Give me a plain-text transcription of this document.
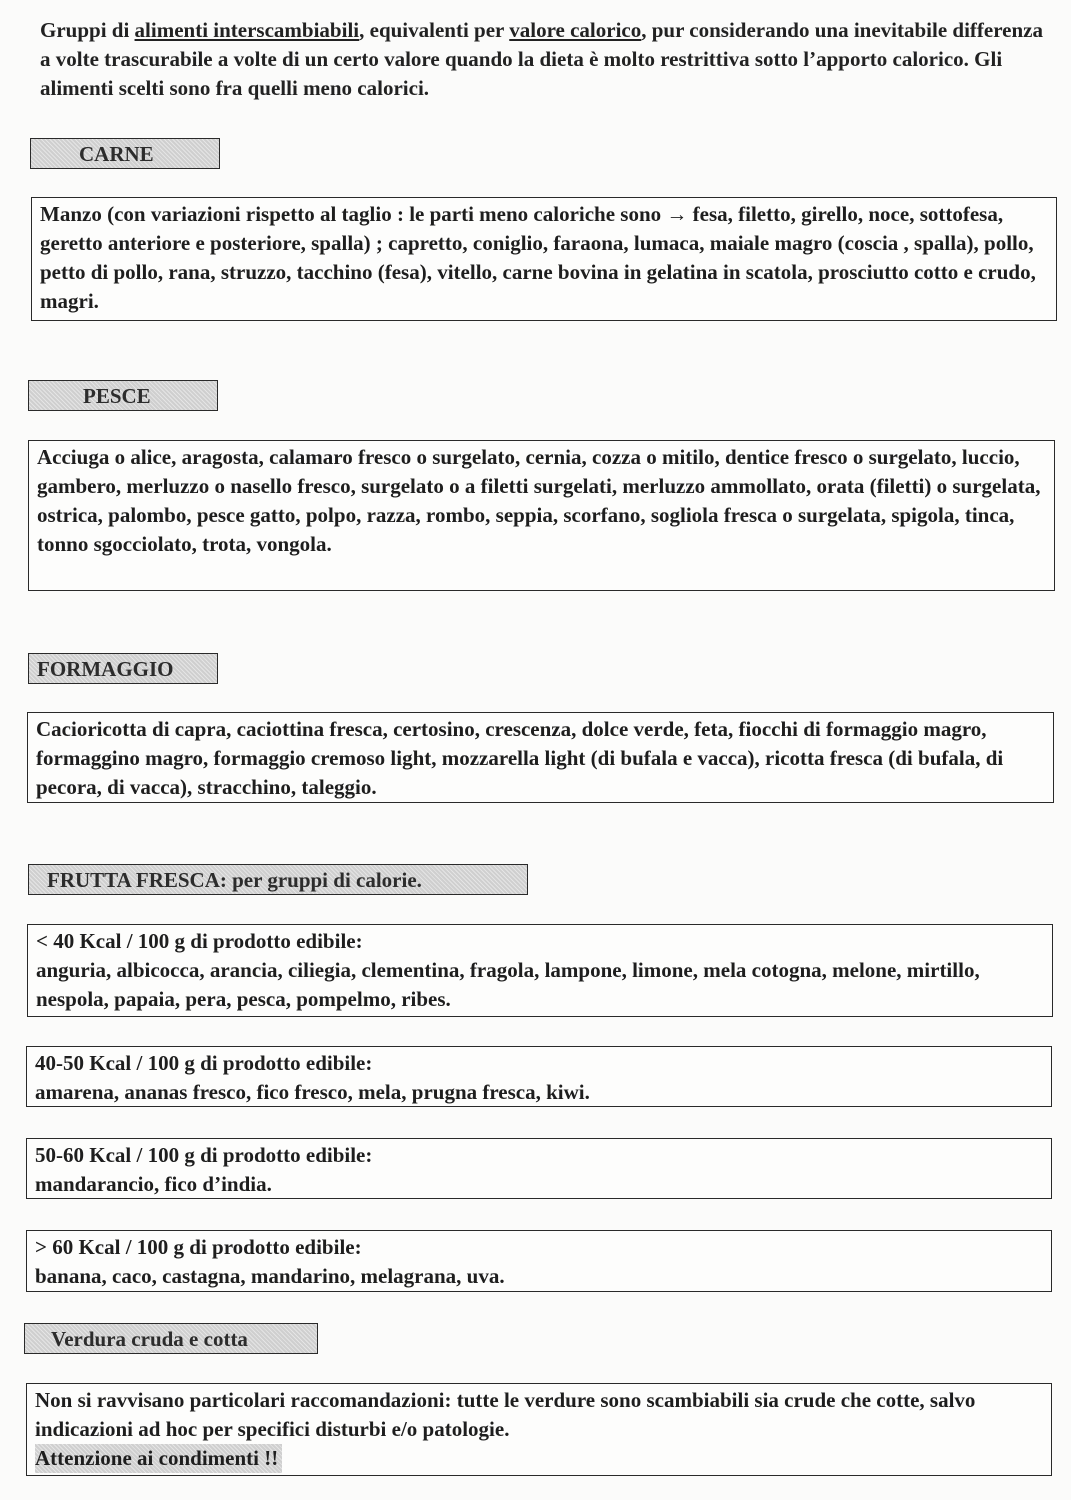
Gruppi di alimenti interscambiabili, equivalenti per valore calorico, pur considerando una inevitabile differenza a volte trascurabile a volte di un certo valore quando la dieta è molto restrittiva sotto l’apporto calorico. Gli alimenti scelti sono fra quelli meno calorici.
CARNE

Manzo (con variazioni rispetto al taglio : le parti meno caloriche sono → fesa, filetto, girello, noce, sottofesa, geretto anteriore e posteriore, spalla) ; capretto, coniglio, faraona, lumaca, maiale magro (coscia , spalla), pollo, petto di pollo, rana, struzzo, tacchino (fesa), vitello, carne bovina in gelatina in scatola, prosciutto cotto e crudo, magri.

PESCE

Acciuga o alice, aragosta, calamaro fresco o surgelato, cernia, cozza o mitilo, dentice fresco o surgelato, luccio, gambero, merluzzo o nasello fresco, surgelato o a filetti surgelati, merluzzo ammollato, orata (filetti) o surgelata, ostrica, palombo, pesce gatto, polpo, razza, rombo, seppia, scorfano, sogliola fresca o surgelata, spigola, tinca, tonno sgocciolato, trota, vongola.

FORMAGGIO

Cacioricotta di capra, caciottina fresca, certosino, crescenza, dolce verde, feta, fiocchi di formaggio magro, formaggino magro, formaggio cremoso light, mozzarella light (di bufala e vacca), ricotta fresca (di bufala, di pecora, di vacca), stracchino, taleggio.

FRUTTA FRESCA: per gruppi di calorie.

< 40 Kcal / 100 g di prodotto edibile:

anguria, albicocca, arancia, ciliegia, clementina, fragola, lampone, limone, mela cotogna, melone, mirtillo, nespola, papaia, pera, pesca, pompelmo, ribes.

40-50 Kcal / 100 g di prodotto edibile:

amarena, ananas fresco, fico fresco, mela, prugna fresca, kiwi.

50-60 Kcal / 100 g di prodotto edibile:

mandarancio, fico d’india.

> 60 Kcal / 100 g di prodotto edibile:

banana, caco, castagna, mandarino, melagrana, uva.

Verdura cruda e cotta

Non si ravvisano particolari raccomandazioni: tutte le verdure sono scambiabili sia crude che cotte, salvo indicazioni ad hoc per specifici disturbi e/o patologie.

Attenzione ai condimenti !!
